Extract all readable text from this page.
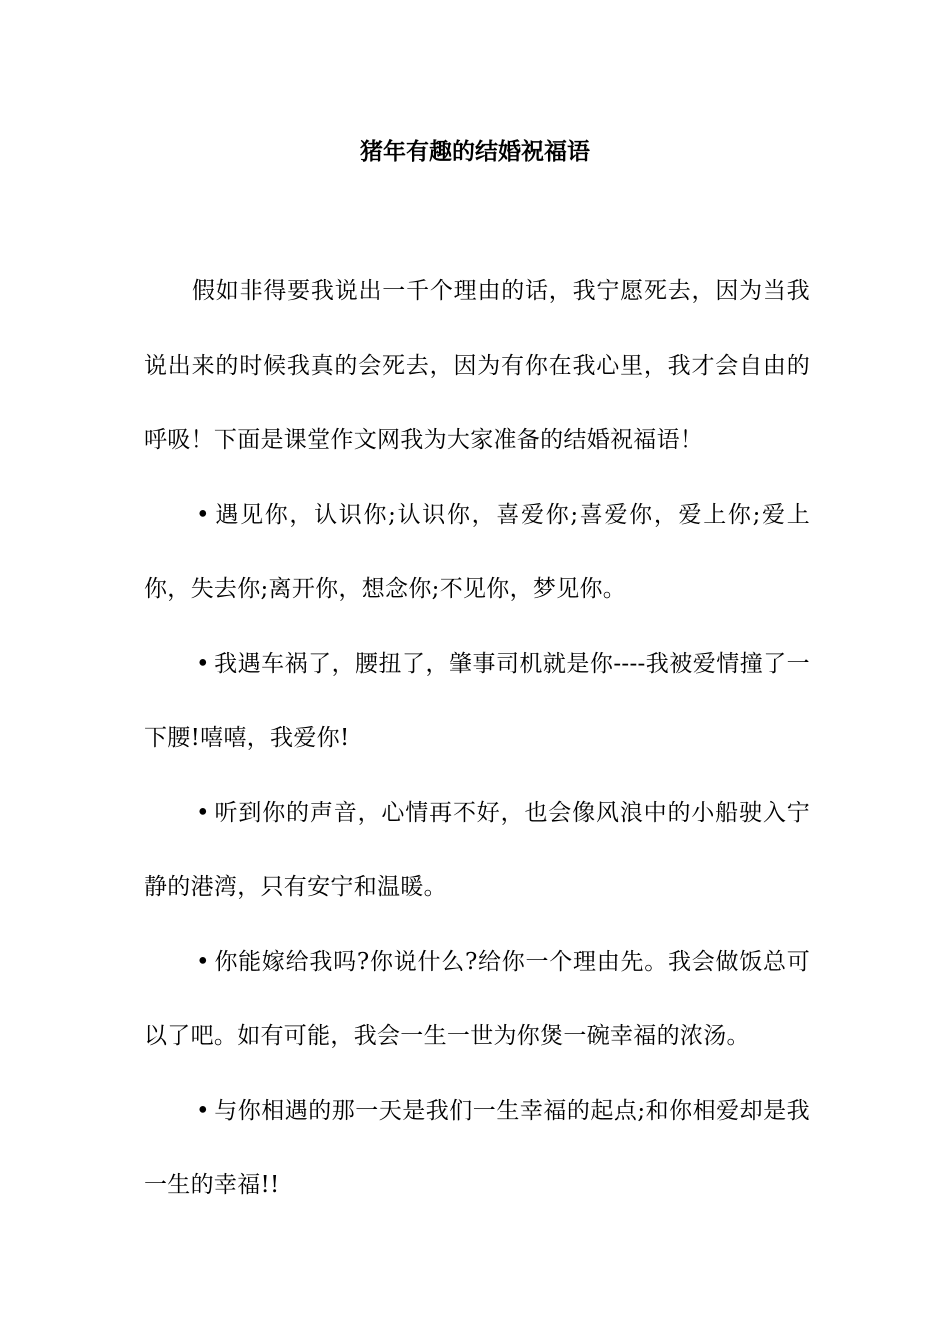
猪年有趣的结婚祝福语

假如非得要我说出一千个理由的话，我宁愿死去，因为当我说出来的时候我真的会死去，因为有你在我心里，我才会自由的呼吸！下面是课堂作文网我为大家准备的结婚祝福语！

• 遇见你，认识你;认识你，喜爱你;喜爱你，爱上你;爱上你，失去你;离开你，想念你;不见你，梦见你。

• 我遇车祸了，腰扭了，肇事司机就是你----我被爱情撞了一下腰!嘻嘻，我爱你!

• 听到你的声音，心情再不好，也会像风浪中的小船驶入宁静的港湾，只有安宁和温暖。

• 你能嫁给我吗?你说什么?给你一个理由先。我会做饭总可以了吧。如有可能，我会一生一世为你煲一碗幸福的浓汤。

• 与你相遇的那一天是我们一生幸福的起点;和你相爱却是我一生的幸福!!
